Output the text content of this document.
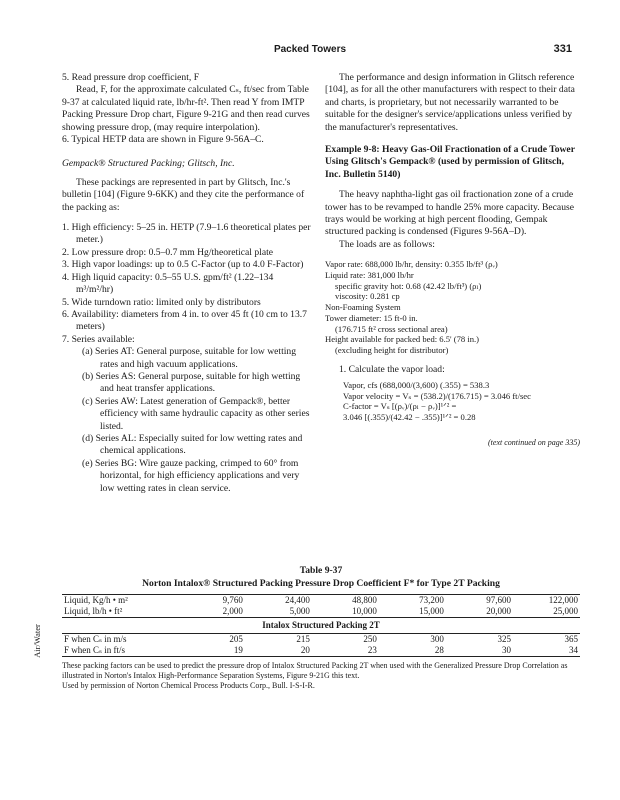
Packed Towers	331

5. Read pressure drop coefficient, F

Read, F, for the approximate calculated Cₛ, ft/sec from Table 9-37 at calculated liquid rate, lb/hr-ft². Then read Y from IMTP Packing Pressure Drop chart, Figure 9-21G and then read curves showing pressure drop, (may require interpolation).

6. Typical HETP data are shown in Figure 9-56A–C.

Gempack® Structured Packing; Glitsch, Inc.

These packings are represented in part by Glitsch, Inc.'s bulletin [104] (Figure 9-6KK) and they cite the performance of the packing as:

1. High efficiency: 5–25 in. HETP (7.9–1.6 theoretical plates per meter.)

2. Low pressure drop: 0.5–0.7 mm Hg/theoretical plate

3. High vapor loadings: up to 0.5 C-Factor (up to 4.0 F-Factor)

4. High liquid capacity: 0.5–55 U.S. gpm/ft² (1.22–134 m³/m²/hr)

5. Wide turndown ratio: limited only by distributors

6. Availability: diameters from 4 in. to over 45 ft (10 cm to 13.7 meters)

7. Series available:

(a) Series AT: General purpose, suitable for low wetting rates and high vacuum applications.

(b) Series AS: General purpose, suitable for high wetting and heat transfer applications.

(c) Series AW: Latest generation of Gempack®, better efficiency with same hydraulic capacity as other series listed.

(d) Series AL: Especially suited for low wetting rates and chemical applications.

(e) Series BG: Wire gauze packing, crimped to 60° from horizontal, for high efficiency applications and very low wetting rates in clean service.

The performance and design information in Glitsch reference [104], as for all the other manufacturers with respect to their data and charts, is proprietary, but not necessarily warranted to be suitable for the designer's service/applications unless verified by the manufacturer's representatives.

Example 9-8: Heavy Gas-Oil Fractionation of a Crude Tower Using Glitsch's Gempack® (used by permission of Glitsch, Inc. Bulletin 5140)

The heavy naphtha-light gas oil fractionation zone of a crude tower has to be revamped to handle 25% more capacity. Because trays would be working at high percent flooding, Gempak structured packing is condensed (Figures 9-56A–D).

The loads are as follows:

Vapor rate: 688,000 lb/hr, density: 0.355 lb/ft³ (ρᵥ)

Liquid rate: 381,000 lb/hr

specific gravity hot: 0.68 (42.42 lb/ft³) (ρₗ)

viscosity: 0.281 cp

Non-Foaming System

Tower diameter: 15 ft-0 in.

(176.715 ft² cross sectional area)

Height available for packed bed: 6.5' (78 in.)

(excluding height for distributor)

1. Calculate the vapor load:

Vapor, cfs (688,000/(3,600) (.355) = 538.3

Vapor velocity = Vₛ = (538.2)/(176.715) = 3.046 ft/sec

C-factor = Vₛ [(ρᵥ)/(ρₗ − ρᵥ)]¹ᐟ² =

3.046 [(.355)/(42.42 − .355)]¹ᐟ² = 0.28

(text continued on page 335)

Air/Water
Table 9-37
Norton Intalox® Structured Packing Pressure Drop Coefficient F* for Type 2T Packing
Liquid, Kg/h • m²	9,760	24,400	48,800	73,200	97,600	122,000
Liquid, lb/h • ft²	2,000	5,000	10,000	15,000	20,000	25,000
Intalox Structured Packing 2T						
F when Cₛ in m/s	205	215	250	300	325	365
F when Cₛ in ft/s	19	20	23	28	30	34

These packing factors can be used to predict the pressure drop of Intalox Structured Packing 2T when used with the Generalized Pressure Drop Correlation as illustrated in Norton's Intalox High-Performance Separation Systems, Figure 9-21G this text.

Used by permission of Norton Chemical Process Products Corp., Bull. I-S-I-R.
